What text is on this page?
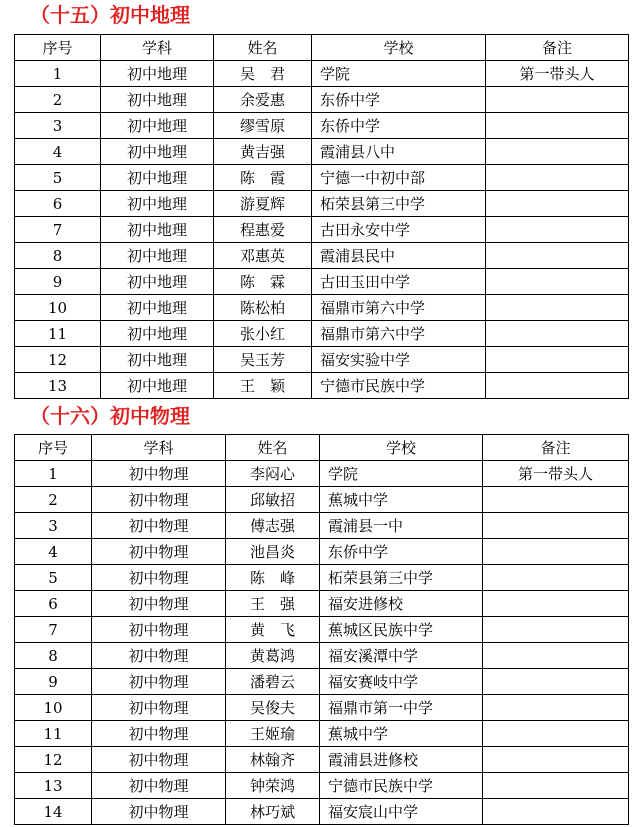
（十五）初中地理
序号	学科	姓名	学校	备注
1	初中地理	吴　君	学院	第一带头人
2	初中地理	余爱惠	东侨中学	
3	初中地理	缪雪原	东侨中学	
4	初中地理	黄吉强	霞浦县八中	
5	初中地理	陈　霞	宁德一中初中部	
6	初中地理	游夏辉	柘荣县第三中学	
7	初中地理	程惠爱	古田永安中学	
8	初中地理	邓惠英	霞浦县民中	
9	初中地理	陈　霖	古田玉田中学	
10	初中地理	陈松柏	福鼎市第六中学	
11	初中地理	张小红	福鼎市第六中学	
12	初中地理	吴玉芳	福安实验中学	
13	初中地理	王　颖	宁德市民族中学	
（十六）初中物理
序号	学科	姓名	学校	备注
1	初中物理	李闷心	学院	第一带头人
2	初中物理	邱敏招	蕉城中学	
3	初中物理	傅志强	霞浦县一中	
4	初中物理	池昌炎	东侨中学	
5	初中物理	陈　峰	柘荣县第三中学	
6	初中物理	王　强	福安进修校	
7	初中物理	黄　飞	蕉城区民族中学	
8	初中物理	黄葛鸿	福安溪潭中学	
9	初中物理	潘碧云	福安赛岐中学	
10	初中物理	吴俊夫	福鼎市第一中学	
11	初中物理	王姬瑜	蕉城中学	
12	初中物理	林翰齐	霞浦县进修校	
13	初中物理	钟荣鸿	宁德市民族中学	
14	初中物理	林巧斌	福安宸山中学	
